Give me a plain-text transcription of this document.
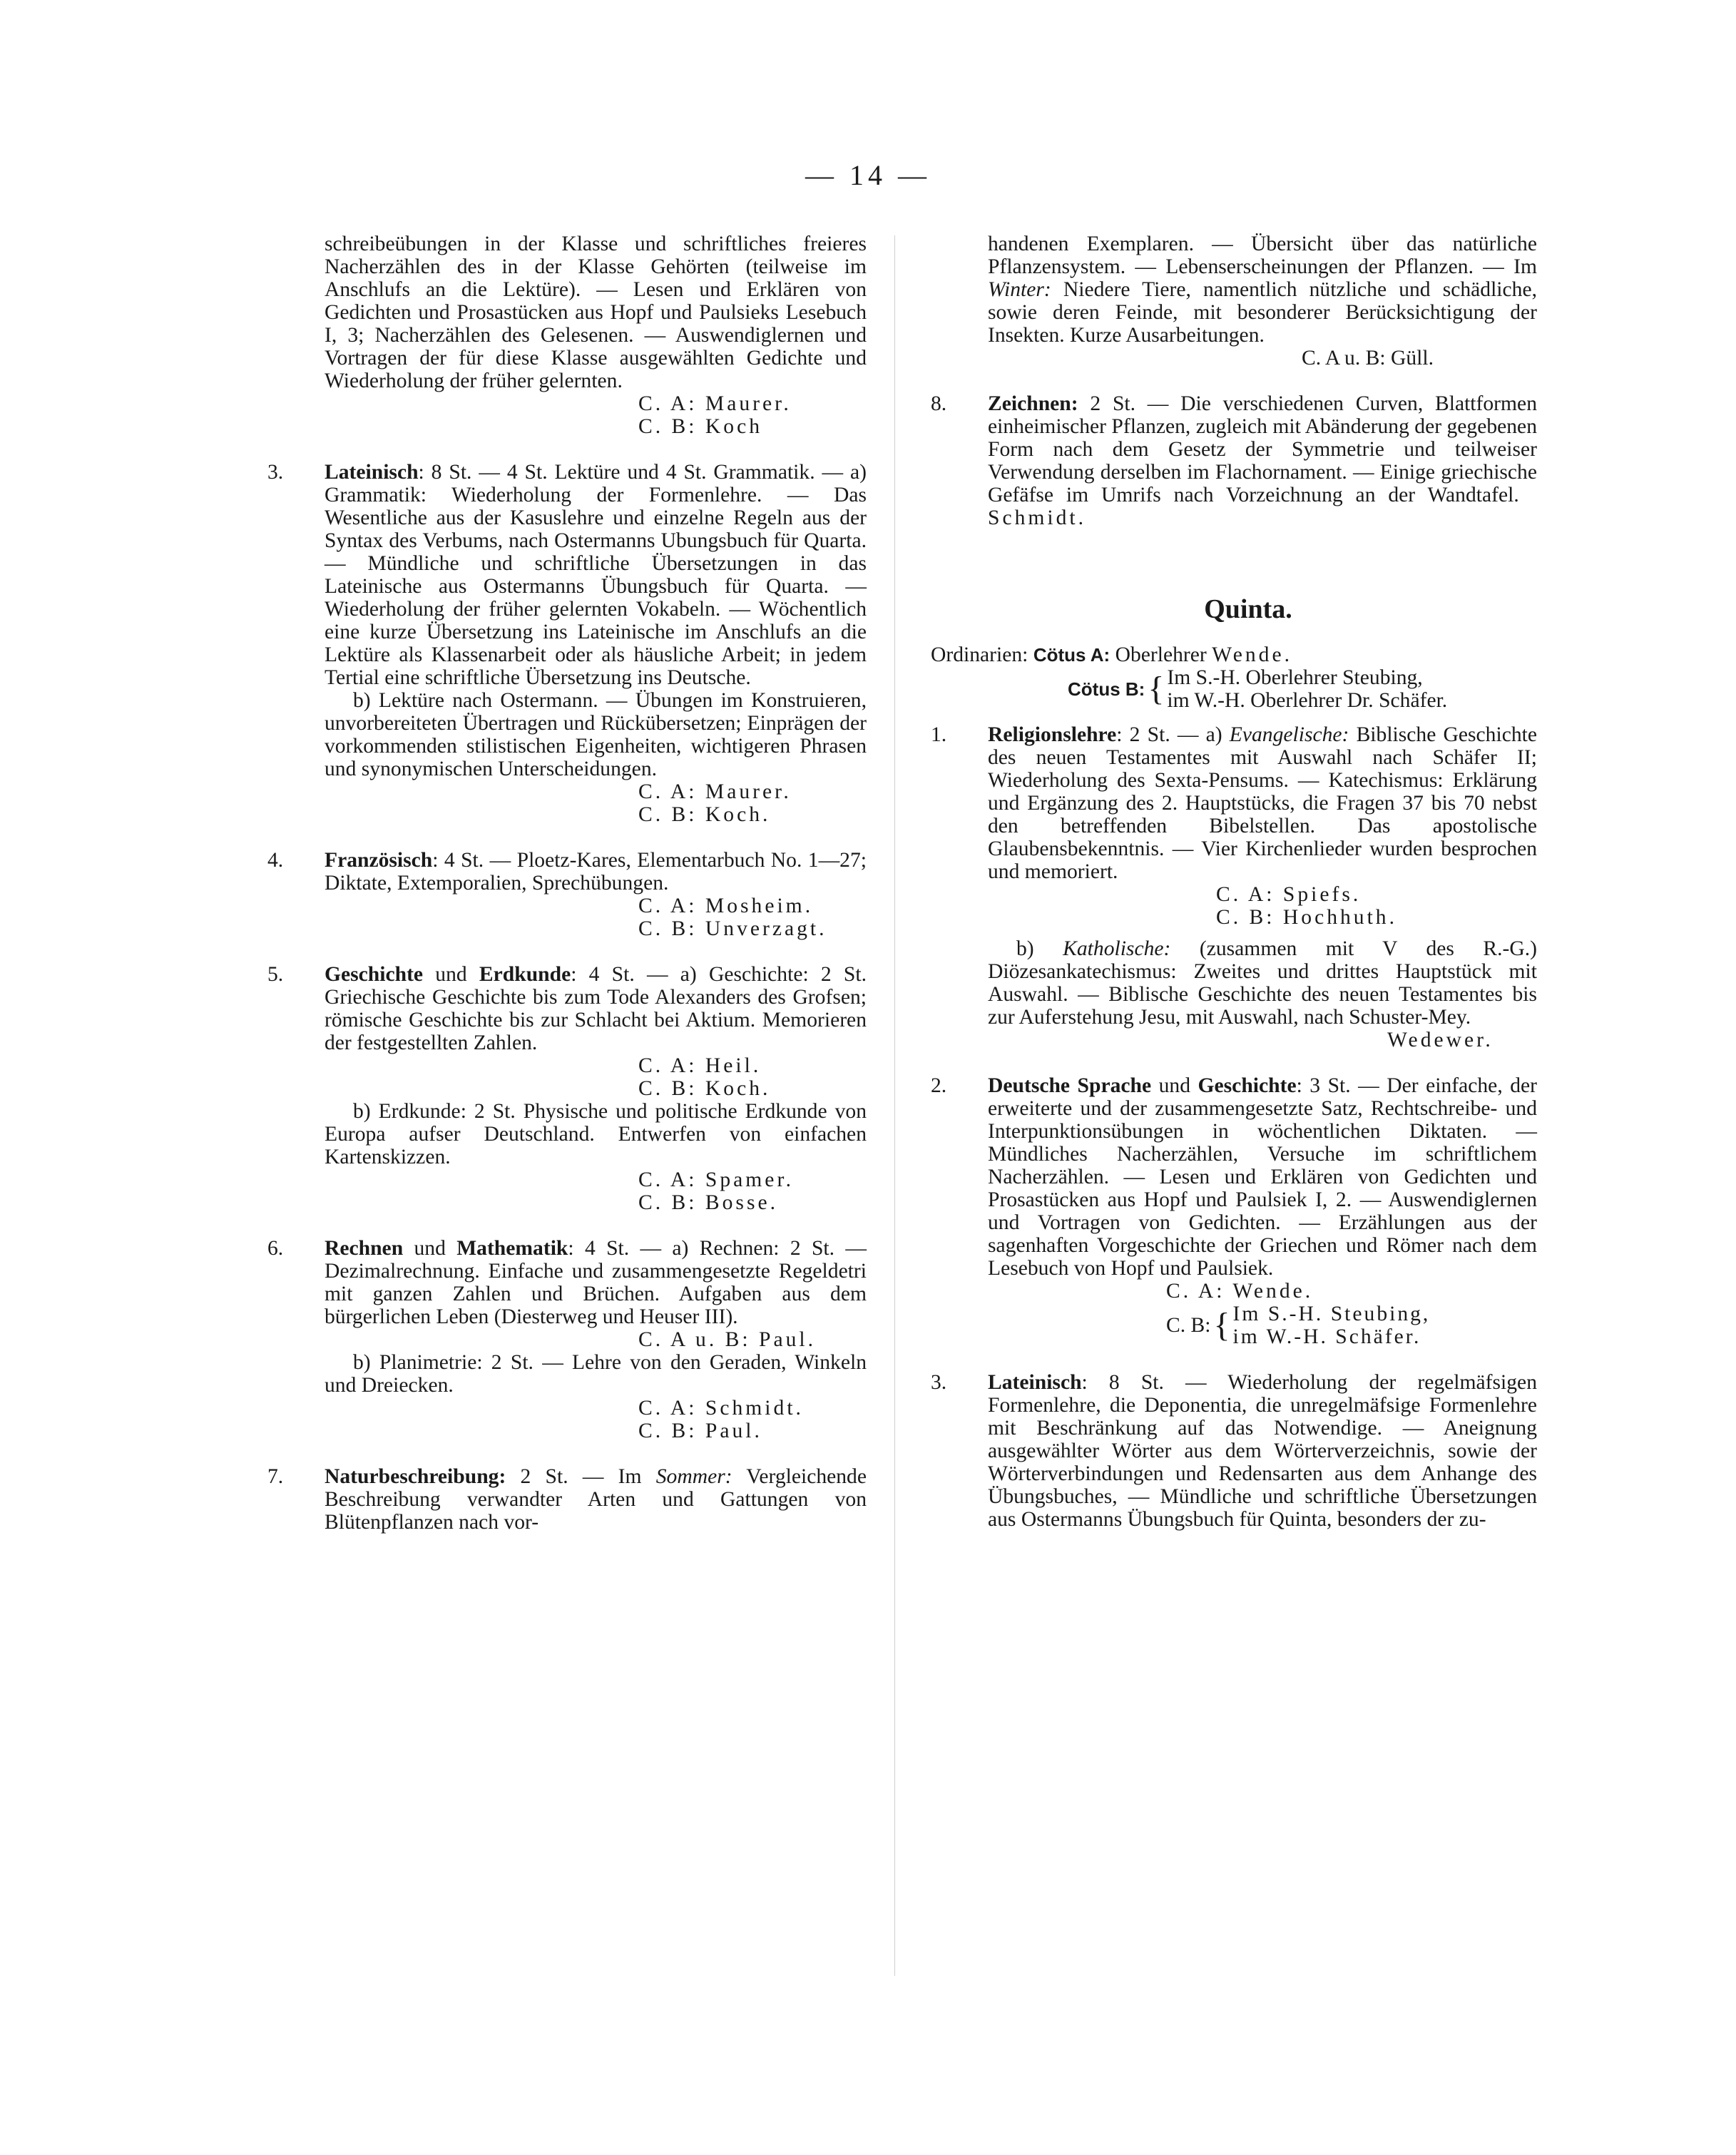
— 14 —

schreibeübungen in der Klasse und schriftliches freieres Nacherzählen des in der Klasse Gehörten (teilweise im Anschlufs an die Lektüre). — Lesen und Erklären von Gedichten und Prosastücken aus Hopf und Paulsieks Lesebuch I, 3; Nacherzählen des Gelesenen. — Auswendiglernen und Vortragen der für diese Klasse ausgewählten Gedichte und Wiederholung der früher gelernten.

C. A: Maurer.

C. B: Koch

3. Lateinisch: 8 St. — 4 St. Lektüre und 4 St. Grammatik. — a) Grammatik: Wiederholung der Formenlehre. — Das Wesentliche aus der Kasuslehre und einzelne Regeln aus der Syntax des Verbums, nach Ostermanns Ubungsbuch für Quarta. — Mündliche und schriftliche Übersetzungen in das Lateinische aus Ostermanns Übungsbuch für Quarta. — Wiederholung der früher gelernten Vokabeln. — Wöchentlich eine kurze Übersetzung ins Lateinische im Anschlufs an die Lektüre als Klassenarbeit oder als häusliche Arbeit; in jedem Tertial eine schriftliche Übersetzung ins Deutsche.

b) Lektüre nach Ostermann. — Übungen im Konstruieren, unvorbereiteten Übertragen und Rückübersetzen; Einprägen der vorkommenden stilistischen Eigenheiten, wichtigeren Phrasen und synonymischen Unterscheidungen.

C. A: Maurer.

C. B: Koch.

4. Französisch: 4 St. — Ploetz-Kares, Elementarbuch No. 1—27; Diktate, Extemporalien, Sprechübungen.

C. A: Mosheim.

C. B: Unverzagt.

5. Geschichte und Erdkunde: 4 St. — a) Geschichte: 2 St. Griechische Geschichte bis zum Tode Alexanders des Grofsen; römische Geschichte bis zur Schlacht bei Aktium. Memorieren der festgestellten Zahlen.

C. A: Heil.

C. B: Koch.

b) Erdkunde: 2 St. Physische und politische Erdkunde von Europa aufser Deutschland. Entwerfen von einfachen Kartenskizzen.

C. A: Spamer.

C. B: Bosse.

6. Rechnen und Mathematik: 4 St. — a) Rechnen: 2 St. — Dezimalrechnung. Einfache und zusammengesetzte Regeldetri mit ganzen Zahlen und Brüchen. Aufgaben aus dem bürgerlichen Leben (Diesterweg und Heuser III).

C. A u. B: Paul.

b) Planimetrie: 2 St. — Lehre von den Geraden, Winkeln und Dreiecken.

C. A: Schmidt.

C. B: Paul.

7. Naturbeschreibung: 2 St. — Im Sommer: Vergleichende Beschreibung verwandter Arten und Gattungen von Blütenpflanzen nach vor-

handenen Exemplaren. — Übersicht über das natürliche Pflanzensystem. — Lebenserscheinungen der Pflanzen. — Im Winter: Niedere Tiere, namentlich nützliche und schädliche, sowie deren Feinde, mit besonderer Berücksichtigung der Insekten. Kurze Ausarbeitungen.

C. A u. B: Güll.

8. Zeichnen: 2 St. — Die verschiedenen Curven, Blattformen einheimischer Pflanzen, zugleich mit Abänderung der gegebenen Form nach dem Gesetz der Symmetrie und teilweiser Verwendung derselben im Flachornament. — Einige griechische Gefäfse im Umrifs nach Vorzeichnung an der Wandtafel.   Schmidt.

Quinta.

Ordinarien: Cötus A: Oberlehrer Wende.

Cötus B: { Im S.-H. Oberlehrer Steubing,
im W.-H. Oberlehrer Dr. Schäfer.

1. Religionslehre: 2 St. — a) Evangelische: Biblische Geschichte des neuen Testamentes mit Auswahl nach Schäfer II; Wiederholung des Sexta-Pensums. — Katechismus: Erklärung und Ergänzung des 2. Hauptstücks, die Fragen 37 bis 70 nebst den betreffenden Bibelstellen. Das apostolische Glaubensbekenntnis. — Vier Kirchenlieder wurden besprochen und memoriert.

C. A: Spiefs.

C. B: Hochhuth.

b) Katholische: (zusammen mit V des R.-G.) Diözesankatechismus: Zweites und drittes Hauptstück mit Auswahl. — Biblische Geschichte des neuen Testamentes bis zur Auferstehung Jesu, mit Auswahl, nach Schuster-Mey.

Wedewer.

2. Deutsche Sprache und Geschichte: 3 St. — Der einfache, der erweiterte und der zusammengesetzte Satz, Rechtschreibe- und Interpunktionsübungen in wöchentlichen Diktaten. — Mündliches Nacherzählen, Versuche im schriftlichem Nacherzählen. — Lesen und Erklären von Gedichten und Prosastücken aus Hopf und Paulsiek I, 2. — Auswendiglernen und Vortragen von Gedichten. — Erzählungen aus der sagenhaften Vorgeschichte der Griechen und Römer nach dem Lesebuch von Hopf und Paulsiek.

C. A: Wende.

C. B: { Im S.-H. Steubing,
im W.-H. Schäfer.

3. Lateinisch: 8 St. — Wiederholung der regelmäfsigen Formenlehre, die Deponentia, die unregelmäfsige Formenlehre mit Beschränkung auf das Notwendige. — Aneignung ausgewählter Wörter aus dem Wörterverzeichnis, sowie der Wörterverbindungen und Redensarten aus dem Anhange des Übungsbuches, — Mündliche und schriftliche Übersetzungen aus Ostermanns Übungsbuch für Quinta, besonders der zu-
